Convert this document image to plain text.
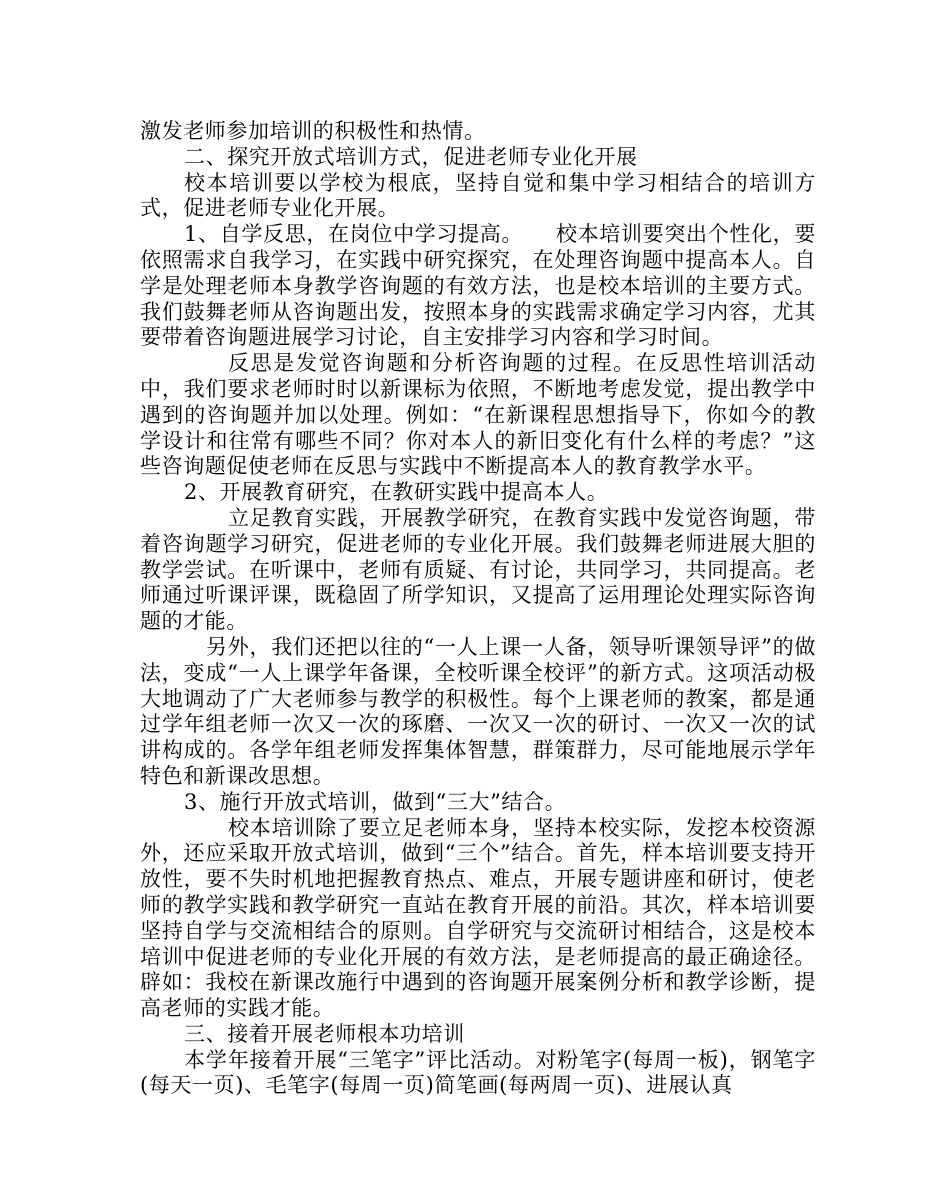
激发老师参加培训的积极性和热情。

二、探究开放式培训方式，促进老师专业化开展

校本培训要以学校为根底，坚持自觉和集中学习相结合的培训方式，促进老师专业化开展。

1、自学反思，在岗位中学习提高。　　校本培训要突出个性化，要依照需求自我学习，在实践中研究探究，在处理咨询题中提高本人。自学是处理老师本身教学咨询题的有效方法，也是校本培训的主要方式。我们鼓舞老师从咨询题出发，按照本身的实践需求确定学习内容，尤其要带着咨询题进展学习讨论，自主安排学习内容和学习时间。

反思是发觉咨询题和分析咨询题的过程。在反思性培训活动中，我们要求老师时时以新课标为依照，不断地考虑发觉，提出教学中遇到的咨询题并加以处理。例如：“在新课程思想指导下，你如今的教学设计和往常有哪些不同？你对本人的新旧变化有什么样的考虑？”这些咨询题促使老师在反思与实践中不断提高本人的教育教学水平。

2、开展教育研究，在教研实践中提高本人。

立足教育实践，开展教学研究，在教育实践中发觉咨询题，带着咨询题学习研究，促进老师的专业化开展。我们鼓舞老师进展大胆的教学尝试。在听课中，老师有质疑、有讨论，共同学习，共同提高。老师通过听课评课，既稳固了所学知识，又提高了运用理论处理实际咨询题的才能。

另外，我们还把以往的“一人上课一人备，领导听课领导评”的做法，变成“一人上课学年备课，全校听课全校评”的新方式。这项活动极大地调动了广大老师参与教学的积极性。每个上课老师的教案，都是通过学年组老师一次又一次的琢磨、一次又一次的研讨、一次又一次的试讲构成的。各学年组老师发挥集体智慧，群策群力，尽可能地展示学年特色和新课改思想。

3、施行开放式培训，做到“三大”结合。

校本培训除了要立足老师本身，坚持本校实际，发挖本校资源外，还应采取开放式培训，做到“三个”结合。首先，样本培训要支持开放性，要不失时机地把握教育热点、难点，开展专题讲座和研讨，使老师的教学实践和教学研究一直站在教育开展的前沿。其次，样本培训要坚持自学与交流相结合的原则。自学研究与交流研讨相结合，这是校本培训中促进老师的专业化开展的有效方法，是老师提高的最正确途径。辟如：我校在新课改施行中遇到的咨询题开展案例分析和教学诊断，提高老师的实践才能。

三、接着开展老师根本功培训

本学年接着开展“三笔字”评比活动。对粉笔字(每周一板)，钢笔字(每天一页)、毛笔字(每周一页)简笔画(每两周一页)、进展认真
